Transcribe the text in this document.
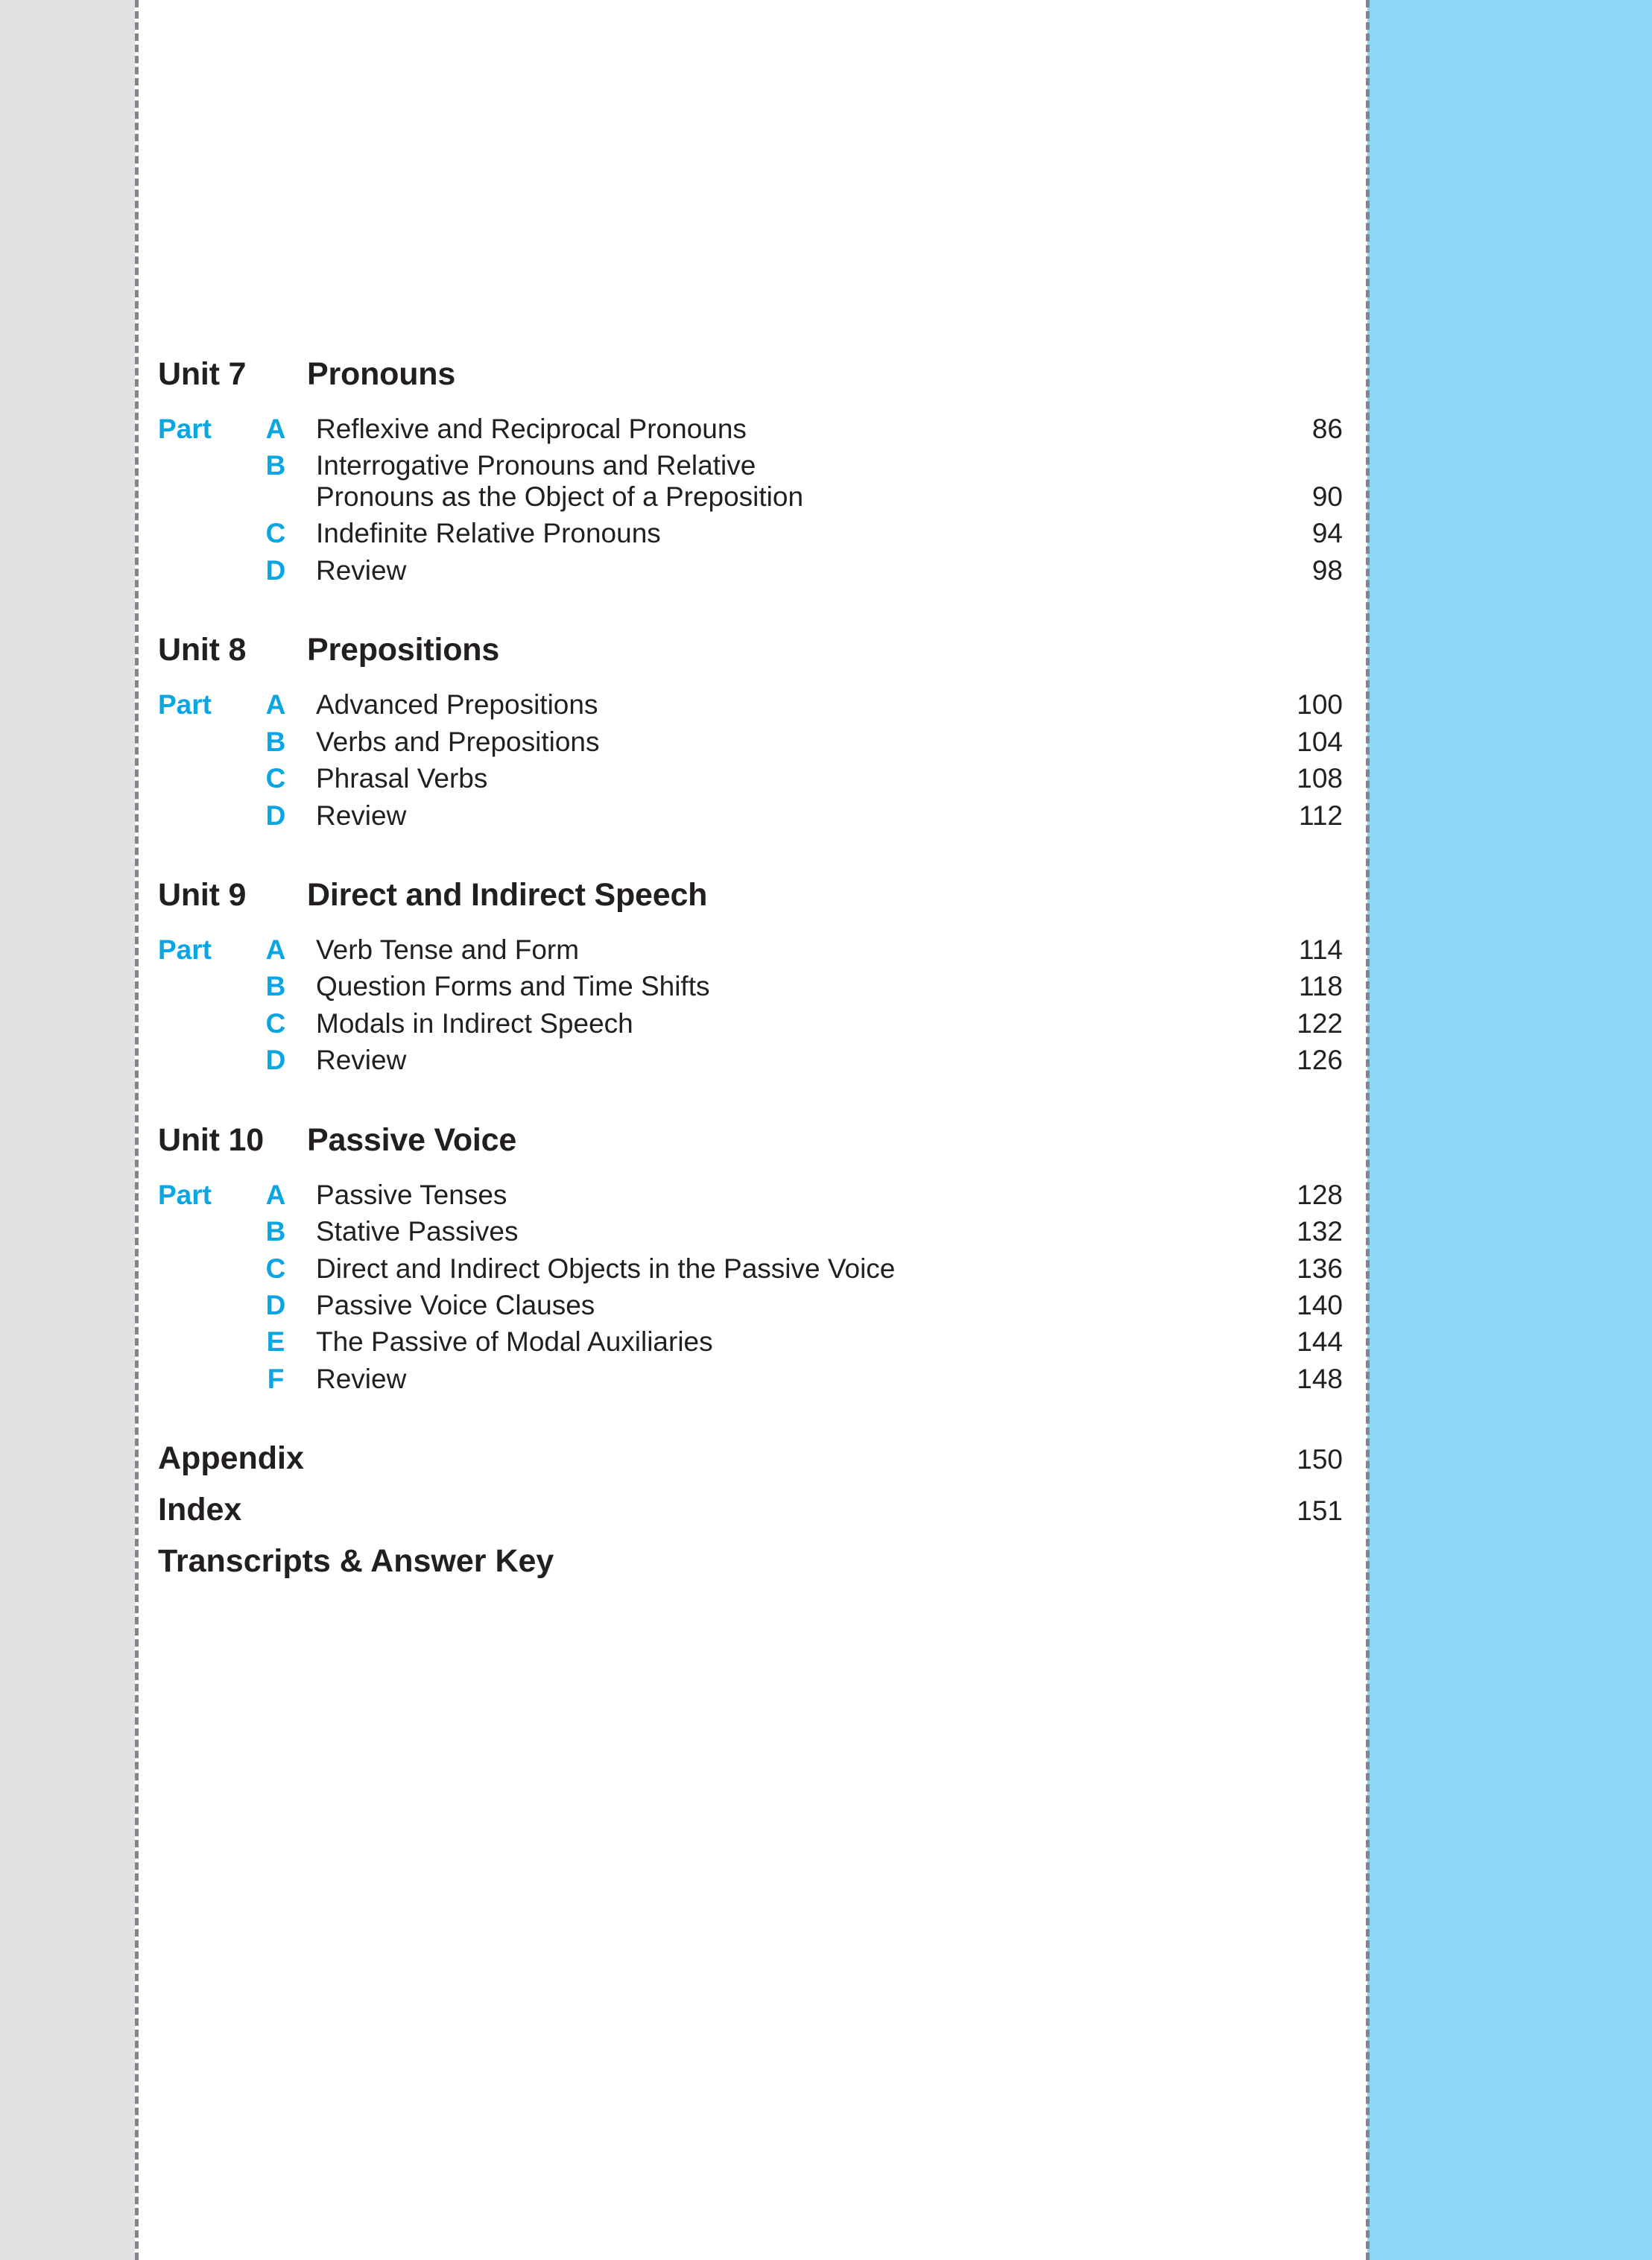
Unit 7	Pronouns
Part	A	Reflexive and Reciprocal Pronouns	86
B	Interrogative Pronouns and Relative
Pronouns as the Object of a Preposition	90
C	Indefinite Relative Pronouns	94
D	Review	98
Unit 8	Prepositions
Part	A	Advanced Prepositions	100
B	Verbs and Prepositions	104
C	Phrasal Verbs	108
D	Review	112
Unit 9	Direct and Indirect Speech
Part	A	Verb Tense and Form	114
B	Question Forms and Time Shifts	118
C	Modals in Indirect Speech	122
D	Review	126
Unit 10	Passive Voice
Part	A	Passive Tenses	128
B	Stative Passives	132
C	Direct and Indirect Objects in the Passive Voice	136
D	Passive Voice Clauses	140
E	The Passive of Modal Auxiliaries	144
F	Review	148
Appendix	150
Index	151
Transcripts & Answer Key
